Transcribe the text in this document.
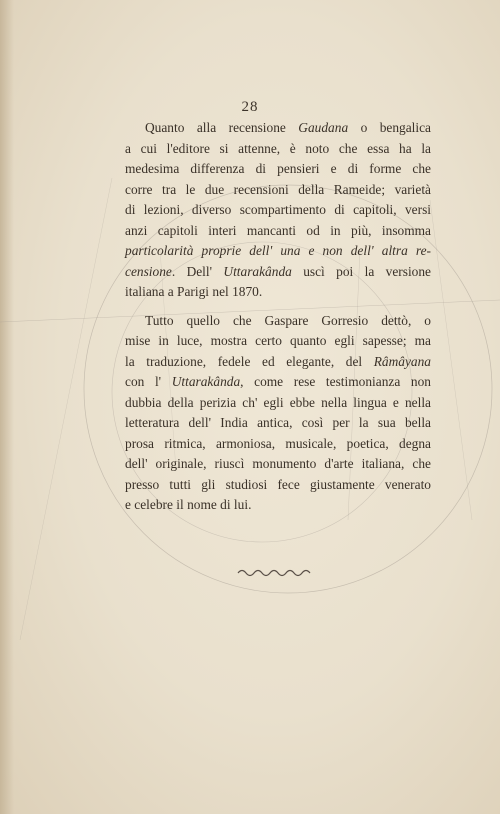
28
Quanto alla recensione Gaudana o bengalica
a cui l'editore si attenne, è noto che essa ha la
medesima differenza di pensieri e di forme che
corre tra le due recensioni della Rameide; varietà
di lezioni, diverso scompartimento di capitoli, versi
anzi capitoli interi mancanti od in più, insomma
particolarità proprie dell' una e non dell' altra re-
censione. Dell' Uttarakânda uscì poi la versione
italiana a Parigi nel 1870.
Tutto quello che Gaspare Gorresio dettò, o
mise in luce, mostra certo quanto egli sapesse; ma
la traduzione, fedele ed elegante, del Râmâyana
con l' Uttarakânda, come rese testimonianza non
dubbia della perizia ch' egli ebbe nella lingua e nella
letteratura dell' India antica, così per la sua bella
prosa ritmica, armoniosa, musicale, poetica, degna
dell' originale, riuscì monumento d'arte italiana, che
presso tutti gli studiosi fece giustamente venerato
e celebre il nome di lui.
